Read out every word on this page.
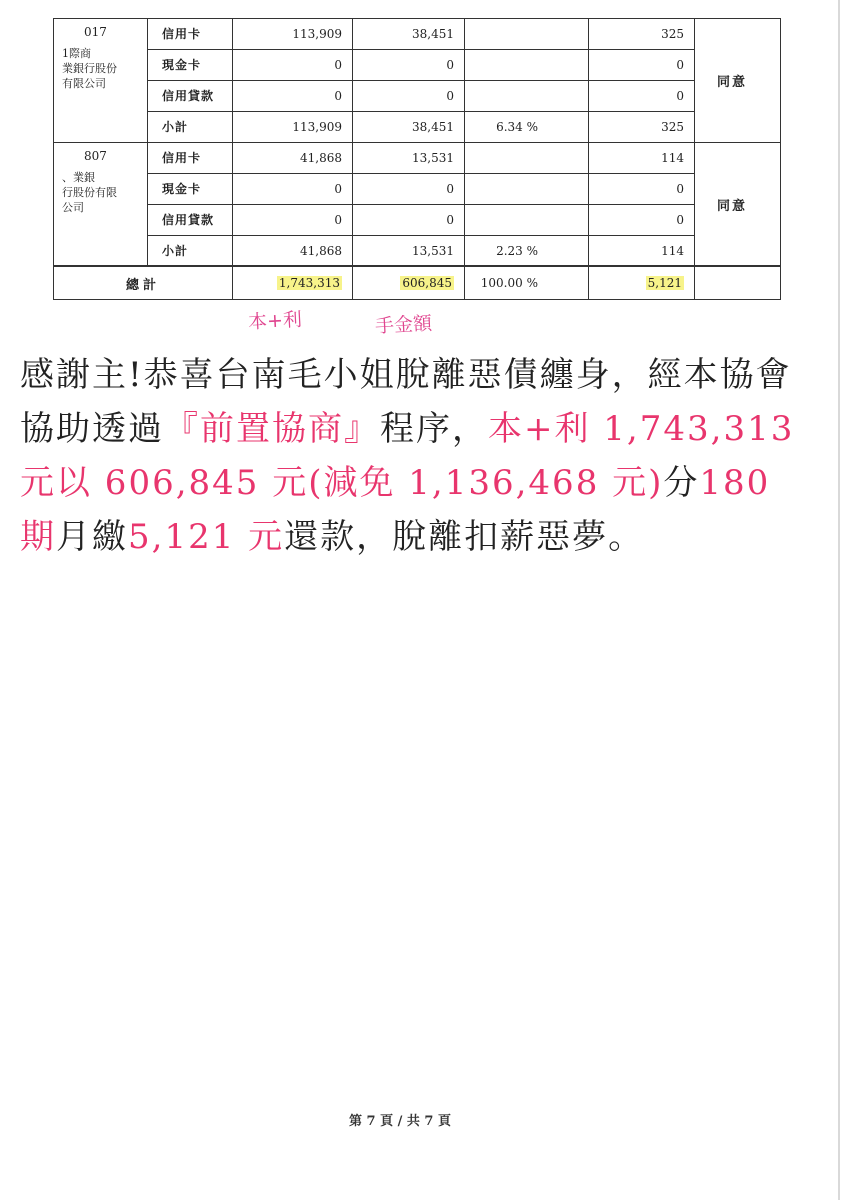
017
1際商
業銀行股份
有限公司	信用卡	113,909	38,451		325	同意
	現金卡	0	0		0	
	信用貸款	0	0		0	
	小計	113,909	38,451	6.34 %	325	

807
、業銀
行股份有限
公司	信用卡	41,868	13,531		114	同意
	現金卡	0	0		0	
	信用貸款	0	0		0	
	小計	41,868	13,531	2.23 %	114	
總計		1,743,313	606,845	100.00 %	5,121	
本+利	手金額
感謝主!恭喜台南毛小姐脫離惡債纏身，經本協會協助透過『前置協商』程序，本+利 1,743,313 元以 606,845 元(減免 1,136,468 元)分180 期月繳5,121 元還款，脫離扣薪惡夢。
第 7 頁 / 共 7 頁
